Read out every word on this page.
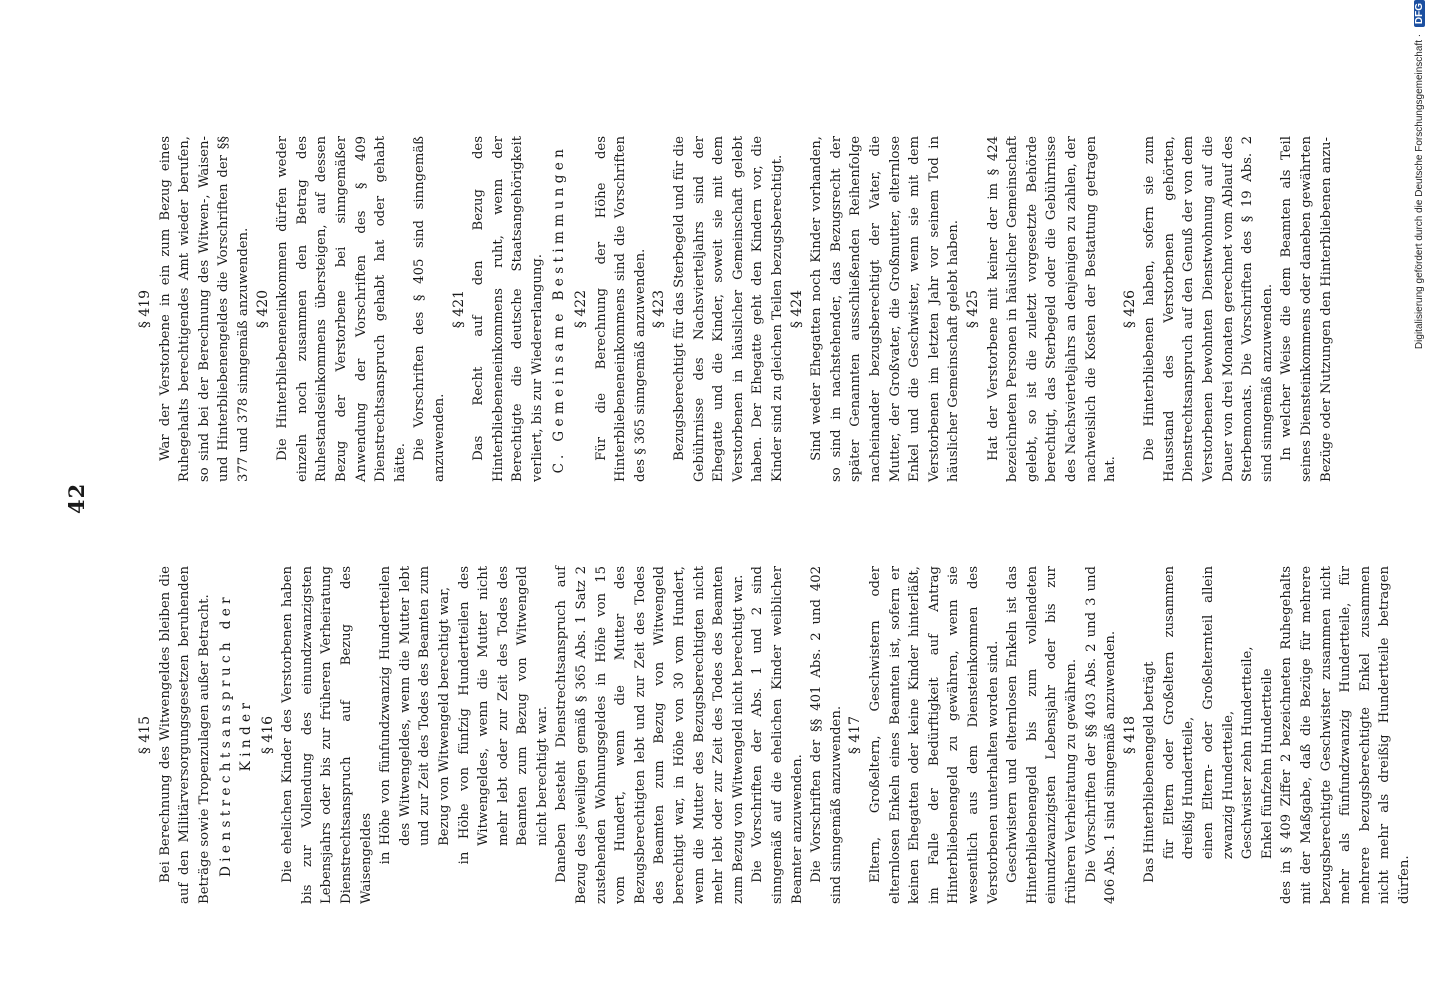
42
§ 415 Bei Berechnung des Witwengeldes bleiben die auf den Militärversorgungsgesetzen beruhenden Beträge sowie Tropenzulagen außer Betracht. Dienstrechtsanspruch der Kinder § 416 Die ehelichen Kinder des Verstorbenen haben bis zur Vollendung des einundzwanzigsten Lebensjahrs oder bis zur früheren Verheiratung Dienstrechtsanspruch auf Bezug des Waisengeldes in Höhe von fünfundzwanzig Hundertteilen des Witwengeldes, wenn die Mutter lebt und zur Zeit des Todes des Beamten zum Bezug von Witwengeld berechtigt war, in Höhe von fünfzig Hundertteilen des Witwengeldes, wenn die Mutter nicht mehr lebt oder zur Zeit des Todes des Beamten zum Bezug von Witwengeld nicht berechtigt war. Daneben besteht Dienstrechtsanspruch auf Bezug des jeweiligen gemäß § 365 Abs. 1 Satz 2 zustehenden Wohnungsgeldes in Höhe von 15 vom Hundert, wenn die Mutter des Bezugsberechtigten lebt und zur Zeit des Todes des Beamten zum Bezug von Witwengeld berechtigt war, in Höhe von 30 vom Hundert, wenn die Mutter des Bezugsberechtigten nicht mehr lebt oder zur Zeit des Todes des Beamten zum Bezug von Witwengeld nicht berechtigt war. Die Vorschriften der Abs. 1 und 2 sind sinngemäß auf die ehelichen Kinder weiblicher Beamter anzuwenden. Die Vorschriften der §§ 401 Abs. 2 und 402 sind sinngemäß anzuwenden. § 417 Eltern, Großeltern, Geschwistern oder elternlosen Enkeln eines Beamten ist, sofern er keinen Ehegatten oder keine Kinder hinterläßt, im Falle der Bedürftigkeit auf Antrag Hinterbliebenengeld zu gewähren, wenn sie wesentlich aus dem Diensteinkommen des Verstorbenen unterhalten worden sind. Geschwistern und elternlosen Enkeln ist das Hinterbliebenengeld bis zum vollendeten einundzwanzigsten Lebensjahr oder bis zur früheren Verheiratung zu gewähren. Die Vorschriften der §§ 403 Abs. 2 und 3 und 406 Abs. 1 sind sinngemäß anzuwenden. § 418 Das Hinterbliebenengeld beträgt für Eltern oder Großeltern zusammen dreißig Hundertteile, einen Eltern- oder Großelternteil allein zwanzig Hundertteile, Geschwister zehn Hundertteile, Enkel fünfzehn Hundertteile des in § 409 Ziffer 2 bezeichneten Ruhegehalts mit der Maßgabe, daß die Bezüge für mehrere bezugsberechtigte Geschwister zusammen nicht mehr als fünfundzwanzig Hundertteile, für mehrere bezugsberechtigte Enkel zusammen nicht mehr als dreißig Hundertteile betragen dürfen.
§ 419 War der Verstorbene in ein zum Bezug eines Ruhegehalts berechtigendes Amt wieder berufen, so sind bei der Berechnung des Witwen-, Waisen- und Hinterbliebenengeldes die Vorschriften der §§ 377 und 378 sinngemäß anzuwenden. § 420 Die Hinterbliebeneneinkommen dürfen weder einzeln noch zusammen den Betrag des Ruhestandseinkommens übersteigen, auf dessen Bezug der Verstorbene bei sinngemäßer Anwendung der Vorschriften des § 409 Dienstrechtsanspruch gehabt hat oder gehabt hätte.
Die Vorschriften des § 405 sind sinngemäß anzuwenden.
§ 421 Das Recht auf den Bezug des Hinterbliebeneneinkommens ruht, wenn der Berechtigte die deutsche Staatsangehörigkeit verliert, bis zur Wiedererlangung. C. Gemeinsame Bestimmungen § 422 Für die Berechnung der Höhe des Hinterbliebeneneinkommens sind die Vorschriften des § 365 sinngemäß anzuwenden. § 423 Bezugsberechtigt für das Sterbegeld und für die Gebührnisse des Nachsvierteljahrs sind der Ehegatte und die Kinder, soweit sie mit dem Verstorbenen in häuslicher Gemeinschaft gelebt haben. Der Ehegatte geht den Kindern vor, die Kinder sind zu gleichen Teilen bezugsberechtigt. § 424 Sind weder Ehegatten noch Kinder vorhanden, so sind in nachstehender, das Bezugsrecht der später Genannten ausschließenden Reihenfolge nacheinander bezugsberechtigt der Vater, die Mutter, der Großvater, die Großmutter, elternlose Enkel und die Geschwister, wenn sie mit dem Verstorbenen im letzten Jahr vor seinem Tod in häuslicher Gemeinschaft gelebt haben. § 425 Hat der Verstorbene mit keiner der im § 424 bezeichneten Personen in häuslicher Gemeinschaft gelebt, so ist die zuletzt vorgesetzte Behörde berechtigt, das Sterbegeld oder die Gebührnisse des Nachsvierteljahrs an denjenigen zu zahlen, der nachweislich die Kosten der Bestattung getragen hat.
§ 426 Die Hinterbliebenen haben, sofern sie zum Hausstand des Verstorbenen gehörten, Dienstrechtsanspruch auf den Genuß der von dem Verstorbenen bewohnten Dienstwohnung auf die Dauer von drei Monaten gerechnet vom Ablauf des Sterbemonats. Die Vorschriften des § 19 Abs. 2 sind sinngemäß anzuwenden. In welcher Weise die dem Beamten als Teil seines Diensteinkommens oder daneben gewährten Bezüge oder Nutzungen den Hinterbliebenen anzu-	Digitalisierung gefördert durch die Deutsche Forschungsgemeinschaft · DFG
